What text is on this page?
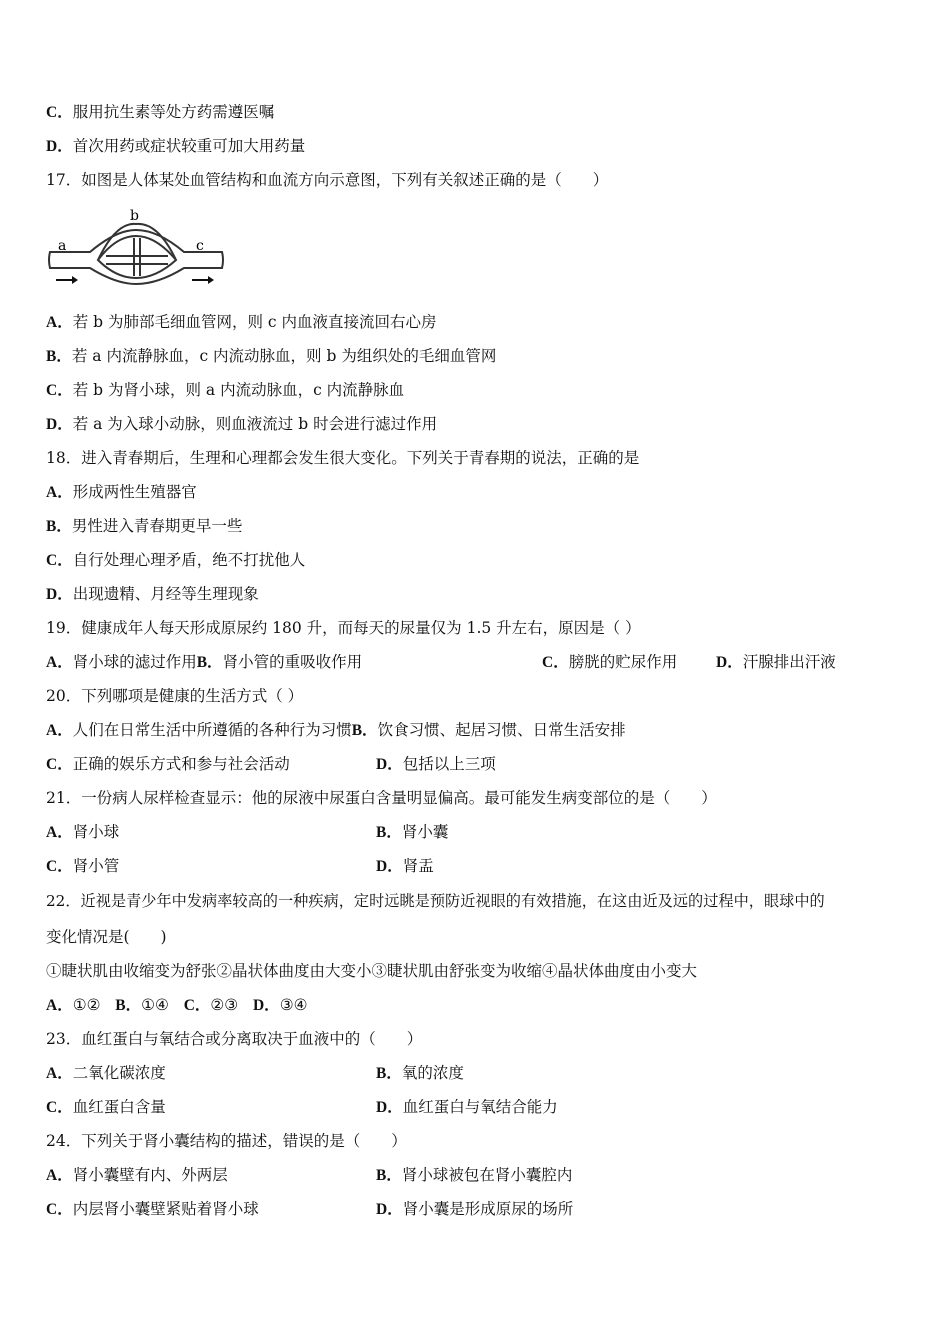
C．服用抗生素等处方药需遵医嘱
D．首次用药或症状较重可加大用药量
17．如图是人体某处血管结构和血流方向示意图，下列有关叙述正确的是（　　）
a
b
c
A．若 b 为肺部毛细血管网，则 c 内血液直接流回右心房
B．若 a 内流静脉血，c 内流动脉血，则 b 为组织处的毛细血管网
C．若 b 为肾小球，则 a 内流动脉血，c 内流静脉血
D．若 a 为入球小动脉，则血液流过 b 时会进行滤过作用
18．进入青春期后，生理和心理都会发生很大变化。下列关于青春期的说法，正确的是
A．形成两性生殖器官
B．男性进入青春期更早一些
C．自行处理心理矛盾，绝不打扰他人
D．出现遗精、月经等生理现象
19．健康成年人每天形成原尿约 180 升，而每天的尿量仅为 1.5 升左右，原因是（ ）
A．肾小球的滤过作用B．肾小管的重吸收作用	C．膀胱的贮尿作用	D．汗腺排出汗液
20．下列哪项是健康的生活方式（ ）
A．人们在日常生活中所遵循的各种行为习惯B．饮食习惯、起居习惯、日常生活安排
C．正确的娱乐方式和参与社会活动	D．包括以上三项
21．一份病人尿样检查显示：他的尿液中尿蛋白含量明显偏高。最可能发生病变部位的是（　　）
A．肾小球	B．肾小囊
C．肾小管	D．肾盂
22．近视是青少年中发病率较高的一种疾病，定时远眺是预防近视眼的有效措施，在这由近及远的过程中，眼球中的
变化情况是(　　)
①睫状肌由收缩变为舒张②晶状体曲度由大变小③睫状肌由舒张变为收缩④晶状体曲度由小变大
A．①② B．①④ C．②③ D．③④
23．血红蛋白与氧结合或分离取决于血液中的（　　）
A．二氧化碳浓度	B．氧的浓度
C．血红蛋白含量	D．血红蛋白与氧结合能力
24．下列关于肾小囊结构的描述，错误的是（　　）
A．肾小囊壁有内、外两层	B．肾小球被包在肾小囊腔内
C．内层肾小囊壁紧贴着肾小球	D．肾小囊是形成原尿的场所
